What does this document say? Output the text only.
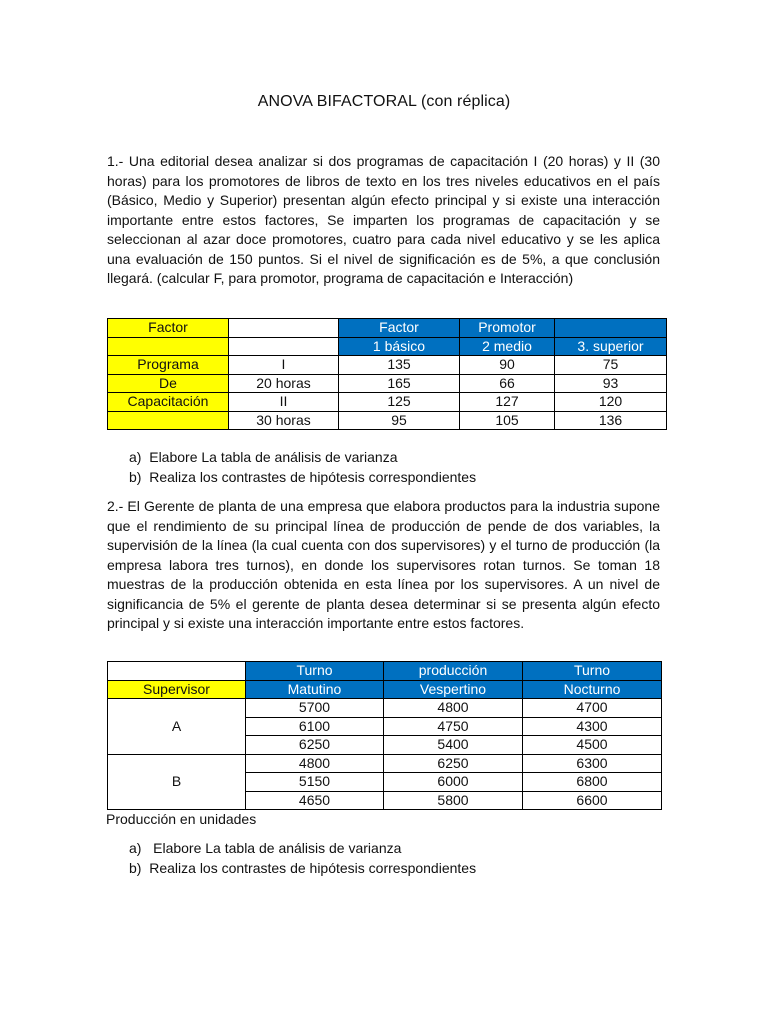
ANOVA BIFACTORAL (con réplica)

1.- Una editorial desea analizar si dos programas de capacitación I (20 horas) y II (30 horas) para los promotores de libros de texto en los tres niveles educativos en el país (Básico, Medio y Superior) presentan algún efecto principal y si existe una interacción importante entre estos factores, Se imparten los programas de capacitación y se seleccionan al azar doce promotores, cuatro para cada nivel educativo y se les aplica una evaluación de 150 puntos. Si el nivel de significación es de 5%, a que conclusión llegará. (calcular F, para promotor, programa de capacitación e Interacción)

Factor		Factor	Promotor	
		1 básico	2 medio	3. superior
Programa	I	135	90	75
De	20 horas	165	66	93
Capacitación	II	125	127	120
	30 horas	95	105	136
a) Elabore La tabla de análisis de varianza
b) Realiza los contrastes de hipótesis correspondientes

2.- El Gerente de planta de una empresa que elabora productos para la industria supone que el rendimiento de su principal línea de producción de pende de dos variables, la supervisión de la línea (la cual cuenta con dos supervisores) y el turno de producción (la empresa labora tres turnos), en donde los supervisores rotan turnos. Se toman 18 muestras de la producción obtenida en esta línea por los supervisores. A un nivel de significancia de 5% el gerente de planta desea determinar si se presenta algún efecto principal y si existe una interacción importante entre estos factores.

	Turno	producción	Turno
Supervisor	Matutino	Vespertino	Nocturno
A	5700	4800	4700
	6100	4750	4300
	6250	5400	4500
B	4800	6250	6300
	5150	6000	6800
	4650	5800	6600
Producción en unidades
a) Elabore La tabla de análisis de varianza
b) Realiza los contrastes de hipótesis correspondientes
